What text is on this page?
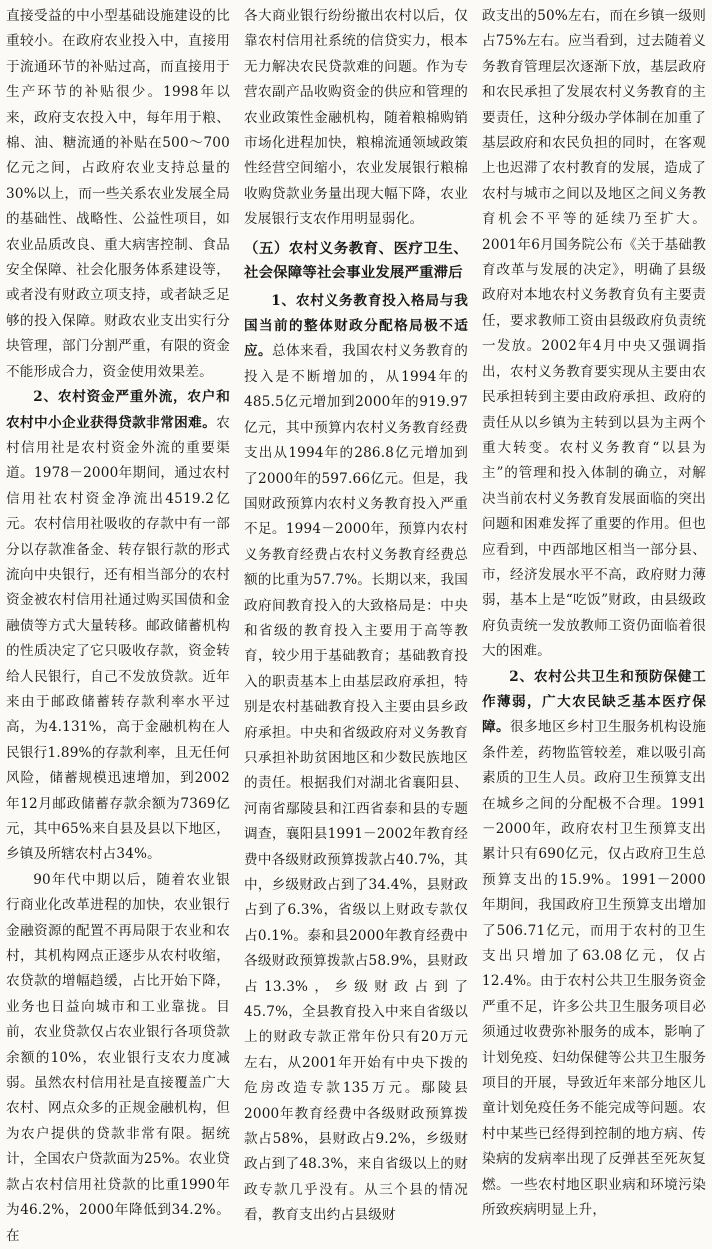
直接受益的中小型基础设施建设的比重较小。在政府农业投入中，直接用于流通环节的补贴过高，而直接用于生产环节的补贴很少。1998年以来，政府支农投入中，每年用于粮、棉、油、糖流通的补贴在500～700亿元之间，占政府农业支持总量的30%以上，而一些关系农业发展全局的基础性、战略性、公益性项目，如农业品质改良、重大病害控制、食品安全保障、社会化服务体系建设等，或者没有财政立项支持，或者缺乏足够的投入保障。财政农业支出实行分块管理，部门分割严重，有限的资金不能形成合力，资金使用效果差。

2、农村资金严重外流，农户和农村中小企业获得贷款非常困难。农村信用社是农村资金外流的重要渠道。1978－2000年期间，通过农村信用社农村资金净流出4519.2亿元。农村信用社吸收的存款中有一部分以存款准备金、转存银行款的形式流向中央银行，还有相当部分的农村资金被农村信用社通过购买国债和金融债等方式大量转移。邮政储蓄机构的性质决定了它只吸收存款，资金转给人民银行，自己不发放贷款。近年来由于邮政储蓄转存款利率水平过高，为4.131%，高于金融机构在人民银行1.89%的存款利率，且无任何风险，储蓄规模迅速增加，到2002年12月邮政储蓄存款余额为7369亿元，其中65%来自县及县以下地区，乡镇及所辖农村占34%。

90年代中期以后，随着农业银行商业化改革进程的加快，农业银行金融资源的配置不再局限于农业和农村，其机构网点正逐步从农村收缩，农贷款的增幅趋缓，占比开始下降，业务也日益向城市和工业靠拢。目前，农业贷款仅占农业银行各项贷款余额的10%，农业银行支农力度减弱。虽然农村信用社是直接覆盖广大农村、网点众多的正规金融机构，但为农户提供的贷款非常有限。据统计，全国农户贷款面为25%。农业贷款占农村信用社贷款的比重1990年为46.2%，2000年降低到34.2%。在

各大商业银行纷纷撤出农村以后，仅靠农村信用社系统的信贷实力，根本无力解决农民贷款难的问题。作为专营农副产品收购资金的供应和管理的农业政策性金融机构，随着粮棉购销市场化进程加快，粮棉流通领域政策性经营空间缩小，农业发展银行粮棉收购贷款业务量出现大幅下降，农业发展银行支农作用明显弱化。

（五）农村义务教育、医疗卫生、社会保障等社会事业发展严重滞后

1、农村义务教育投入格局与我国当前的整体财政分配格局极不适应。总体来看，我国农村义务教育的投入是不断增加的，从1994年的485.5亿元增加到2000年的919.97亿元，其中预算内农村义务教育经费支出从1994年的286.8亿元增加到了2000年的597.66亿元。但是，我国财政预算内农村义务教育投入严重不足。1994－2000年，预算内农村义务教育经费占农村义务教育经费总额的比重为57.7%。长期以来，我国政府间教育投入的大致格局是：中央和省级的教育投入主要用于高等教育，较少用于基础教育；基础教育投入的职责基本上由基层政府承担，特别是农村基础教育投入主要由县乡政府承担。中央和省级政府对义务教育只承担补助贫困地区和少数民族地区的责任。根据我们对湖北省襄阳县、河南省鄢陵县和江西省泰和县的专题调查，襄阳县1991－2002年教育经费中各级财政预算拨款占40.7%，其中，乡级财政占到了34.4%，县财政占到了6.3%，省级以上财政专款仅占0.1%。泰和县2000年教育经费中各级财政预算拨款占58.9%，县财政占13.3%，乡级财政占到了45.7%，全县教育投入中来自省级以上的财政专款正常年份只有20万元左右，从2001年开始有中央下拨的危房改造专款135万元。鄢陵县2000年教育经费中各级财政预算拨款占58%，县财政占9.2%，乡级财政占到了48.3%，来自省级以上的财政专款几乎没有。从三个县的情况看，教育支出约占县级财

政支出的50%左右，而在乡镇一级则占75%左右。应当看到，过去随着义务教育管理层次逐渐下放，基层政府和农民承担了发展农村义务教育的主要责任，这种分级办学体制在加重了基层政府和农民负担的同时，在客观上也迟滞了农村教育的发展，造成了农村与城市之间以及地区之间义务教育机会不平等的延续乃至扩大。2001年6月国务院公布《关于基础教育改革与发展的决定》，明确了县级政府对本地农村义务教育负有主要责任，要求教师工资由县级政府负责统一发放。2002年4月中央又强调指出，农村义务教育要实现从主要由农民承担转到主要由政府承担、政府的责任从以乡镇为主转到以县为主两个重大转变。农村义务教育“以县为主”的管理和投入体制的确立，对解决当前农村义务教育发展面临的突出问题和困难发挥了重要的作用。但也应看到，中西部地区相当一部分县、市，经济发展水平不高，政府财力薄弱，基本上是“吃饭”财政，由县级政府负责统一发放教师工资仍面临着很大的困难。

2、农村公共卫生和预防保健工作薄弱，广大农民缺乏基本医疗保障。很多地区乡村卫生服务机构设施条件差，药物监管较差，难以吸引高素质的卫生人员。政府卫生预算支出在城乡之间的分配极不合理。1991－2000年，政府农村卫生预算支出累计只有690亿元，仅占政府卫生总预算支出的15.9%。1991－2000年期间，我国政府卫生预算支出增加了506.71亿元，而用于农村的卫生支出只增加了63.08亿元，仅占12.4%。由于农村公共卫生服务资金严重不足，许多公共卫生服务项目必须通过收费弥补服务的成本，影响了计划免疫、妇幼保健等公共卫生服务项目的开展，导致近年来部分地区儿童计划免疫任务不能完成等问题。农村中某些已经得到控制的地方病、传染病的发病率出现了反弹甚至死灰复燃。一些农村地区职业病和环境污染所致疾病明显上升，
